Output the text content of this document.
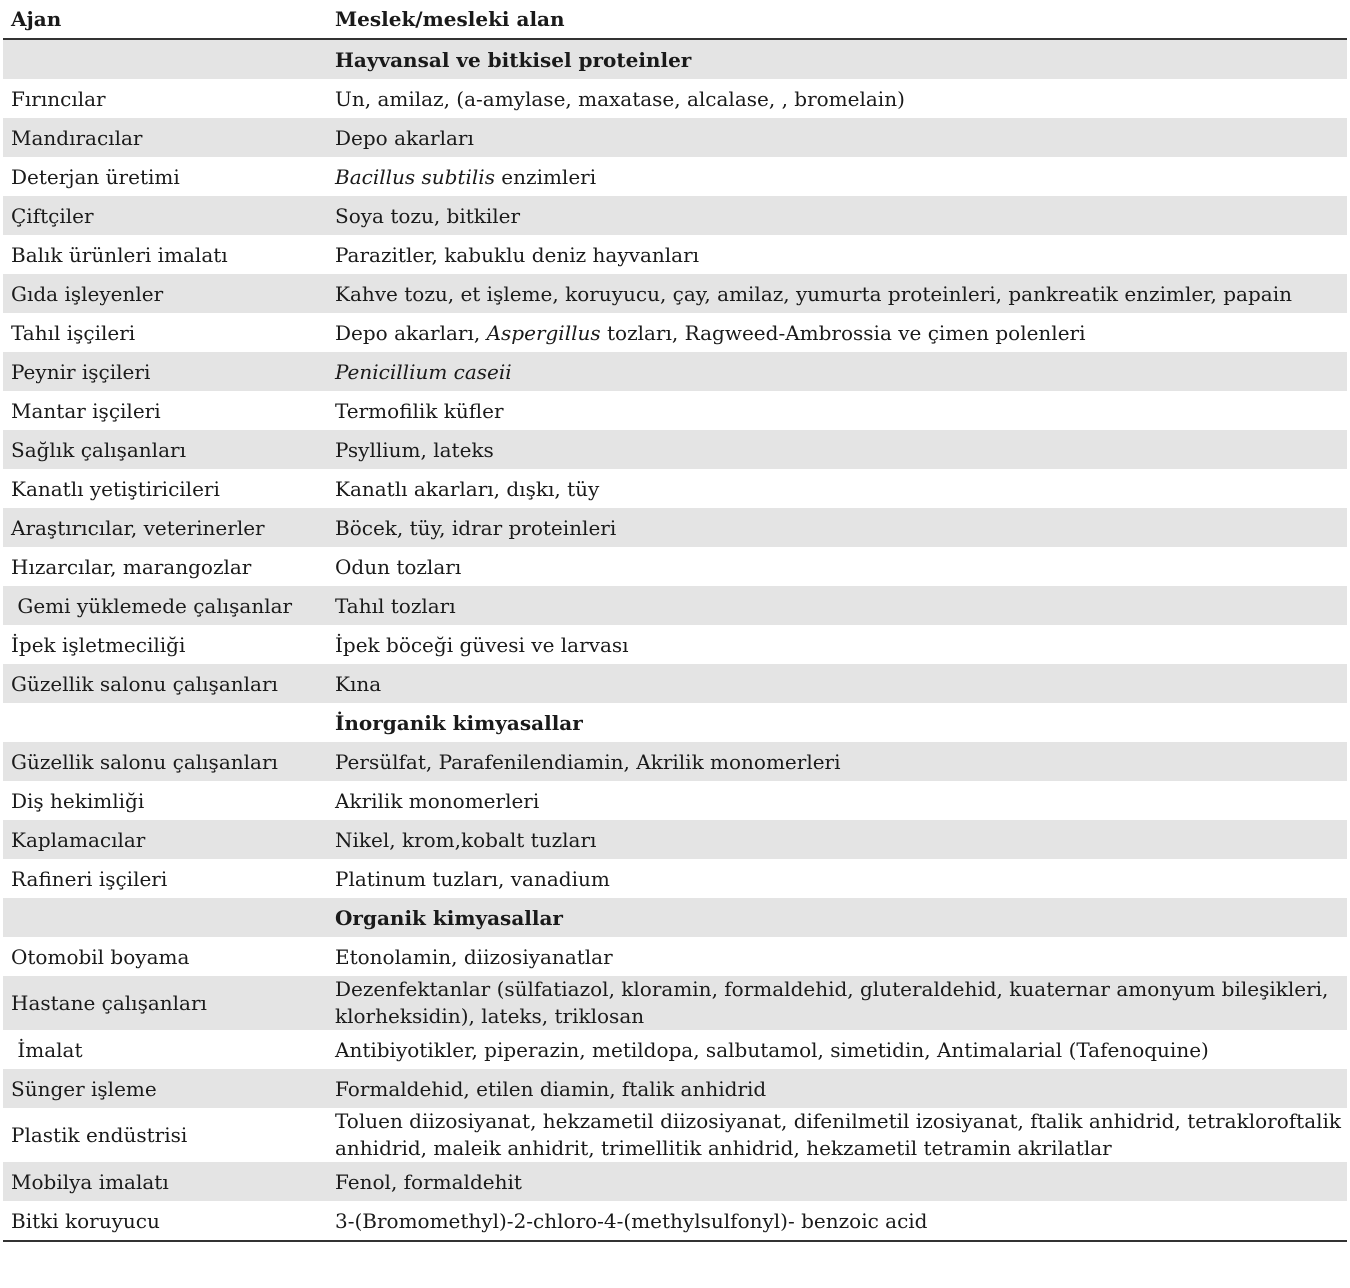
Ajan	Meslek/mesleki alan
	Hayvansal ve bitkisel proteinler
Fırıncılar	Un, amilaz, (a-amylase, maxatase, alcalase, , bromelain)
Mandıracılar	Depo akarları
Deterjan üretimi	Bacillus subtilis enzimleri
Çiftçiler	Soya tozu, bitkiler
Balık ürünleri imalatı	Parazitler, kabuklu deniz hayvanları
Gıda işleyenler	Kahve tozu, et işleme, koruyucu, çay, amilaz, yumurta proteinleri, pankreatik enzimler, papain
Tahıl işçileri	Depo akarları, Aspergillus tozları, Ragweed-Ambrossia ve çimen polenleri
Peynir işçileri	Penicillium caseii
Mantar işçileri	Termofilik küfler
Sağlık çalışanları	Psyllium, lateks
Kanatlı yetiştiricileri	Kanatlı akarları, dışkı, tüy
Araştırıcılar, veterinerler	Böcek, tüy, idrar proteinleri
Hızarcılar, marangozlar	Odun tozları
Gemi yüklemede çalışanlar	Tahıl tozları
İpek işletmeciliği	İpek böceği güvesi ve larvası
Güzellik salonu çalışanları	Kına
	İnorganik kimyasallar
Güzellik salonu çalışanları	Persülfat, Parafenilendiamin, Akrilik monomerleri
Diş hekimliği	Akrilik monomerleri
Kaplamacılar	Nikel, krom,kobalt tuzları
Rafineri işçileri	Platinum tuzları, vanadium
	Organik kimyasallar
Otomobil boyama	Etonolamin, diizosiyanatlar
Hastane çalışanları	Dezenfektanlar (sülfatiazol, kloramin, formaldehid, gluteraldehid, kuaternar amonyum bileşikleri, klorheksidin), lateks, triklosan
İmalat	Antibiyotikler, piperazin, metildopa, salbutamol, simetidin, Antimalarial (Tafenoquine)
Sünger işleme	Formaldehid, etilen diamin, ftalik anhidrid
Plastik endüstrisi	Toluen diizosiyanat, hekzametil diizosiyanat, difenilmetil izosiyanat, ftalik anhidrid, tetrakloroftalik anhidrid, maleik anhidrit, trimellitik anhidrid, hekzametil tetramin akrilatlar
Mobilya imalatı	Fenol, formaldehit
Bitki koruyucu	3-(Bromomethyl)-2-chloro-4-(methylsulfonyl)- benzoic acid
